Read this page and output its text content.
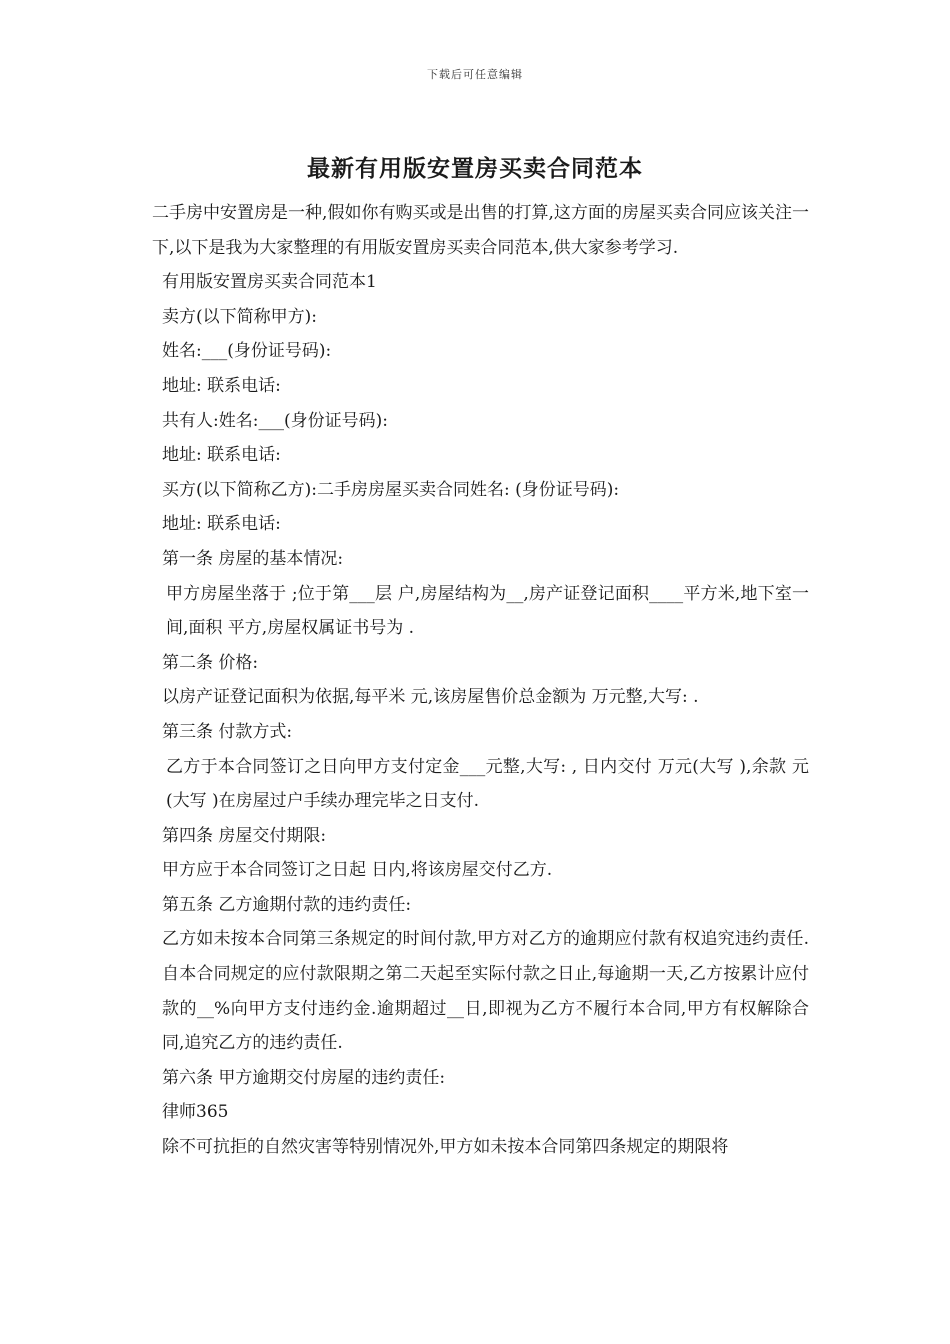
下载后可任意编辑
最新有用版安置房买卖合同范本

二手房中安置房是一种,假如你有购买或是出售的打算,这方面的房屋买卖合同应该关注一下,以下是我为大家整理的有用版安置房买卖合同范本,供大家参考学习.

有用版安置房买卖合同范本1

卖方(以下简称甲方):

姓名:___(身份证号码):

地址: 联系电话:

共有人:姓名:___(身份证号码):

地址: 联系电话:

买方(以下简称乙方):二手房房屋买卖合同姓名: (身份证号码):

地址: 联系电话:

第一条 房屋的基本情况:

甲方房屋坐落于 ;位于第___层 户,房屋结构为__,房产证登记面积____平方米,地下室一间,面积 平方,房屋权属证书号为 .

第二条 价格:

以房产证登记面积为依据,每平米 元,该房屋售价总金额为 万元整,大写: .

第三条 付款方式:

乙方于本合同签订之日向甲方支付定金___元整,大写: , 日内交付 万元(大写 ),余款 元(大写 )在房屋过户手续办理完毕之日支付.

第四条 房屋交付期限:

甲方应于本合同签订之日起 日内,将该房屋交付乙方.

第五条 乙方逾期付款的违约责任:

乙方如未按本合同第三条规定的时间付款,甲方对乙方的逾期应付款有权追究违约责任.自本合同规定的应付款限期之第二天起至实际付款之日止,每逾期一天,乙方按累计应付款的__%向甲方支付违约金.逾期超过__日,即视为乙方不履行本合同,甲方有权解除合同,追究乙方的违约责任.

第六条 甲方逾期交付房屋的违约责任:

律师365

除不可抗拒的自然灾害等特别情况外,甲方如未按本合同第四条规定的期限将
